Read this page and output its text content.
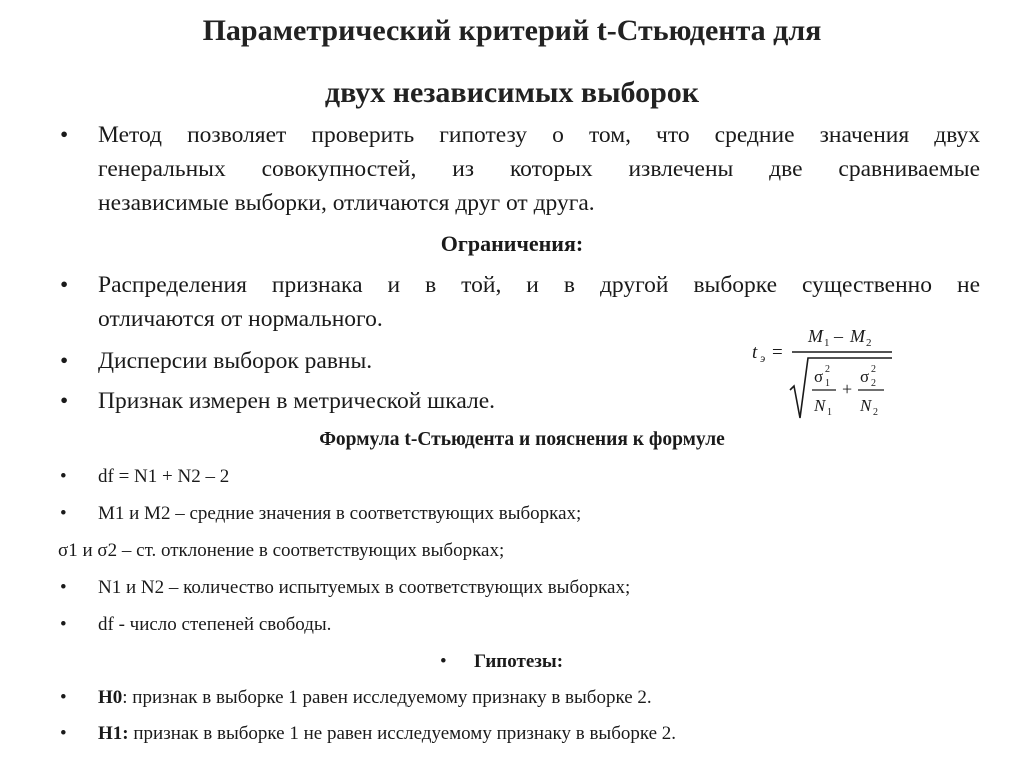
Параметрический критерий t-Стьюдента для
двух независимых выборок
• Метод позволяет проверить гипотезу о том, что средние значения двух
генеральных совокупностей, из которых извлечены две сравниваемые
независимые выборки, отличаются друг от друга.
Ограничения:
• Распределения признака и в той, и в другой выборке существенно не
отличаются от нормального.
• Дисперсии выборок равны.
• Признак измерен в метрической шкале.
t э =
M 1 – M 2
σ 2
1
N 1
+
σ 2
2
N 2
Формула t-Стьюдента и пояснения к формуле
• df = N1 + N2 – 2
• M1 и M2 – средние значения в соответствующих выборках;
σ1 и σ2 – ст. отклонение в соответствующих выборках;
• N1 и N2 – количество испытуемых в соответствующих выборках;
• df - число степеней свободы.
• Гипотезы:
• H0: признак в выборке 1 равен исследуемому признаку в выборке 2.
• H1: признак в выборке 1 не равен исследуемому признаку в выборке 2.
